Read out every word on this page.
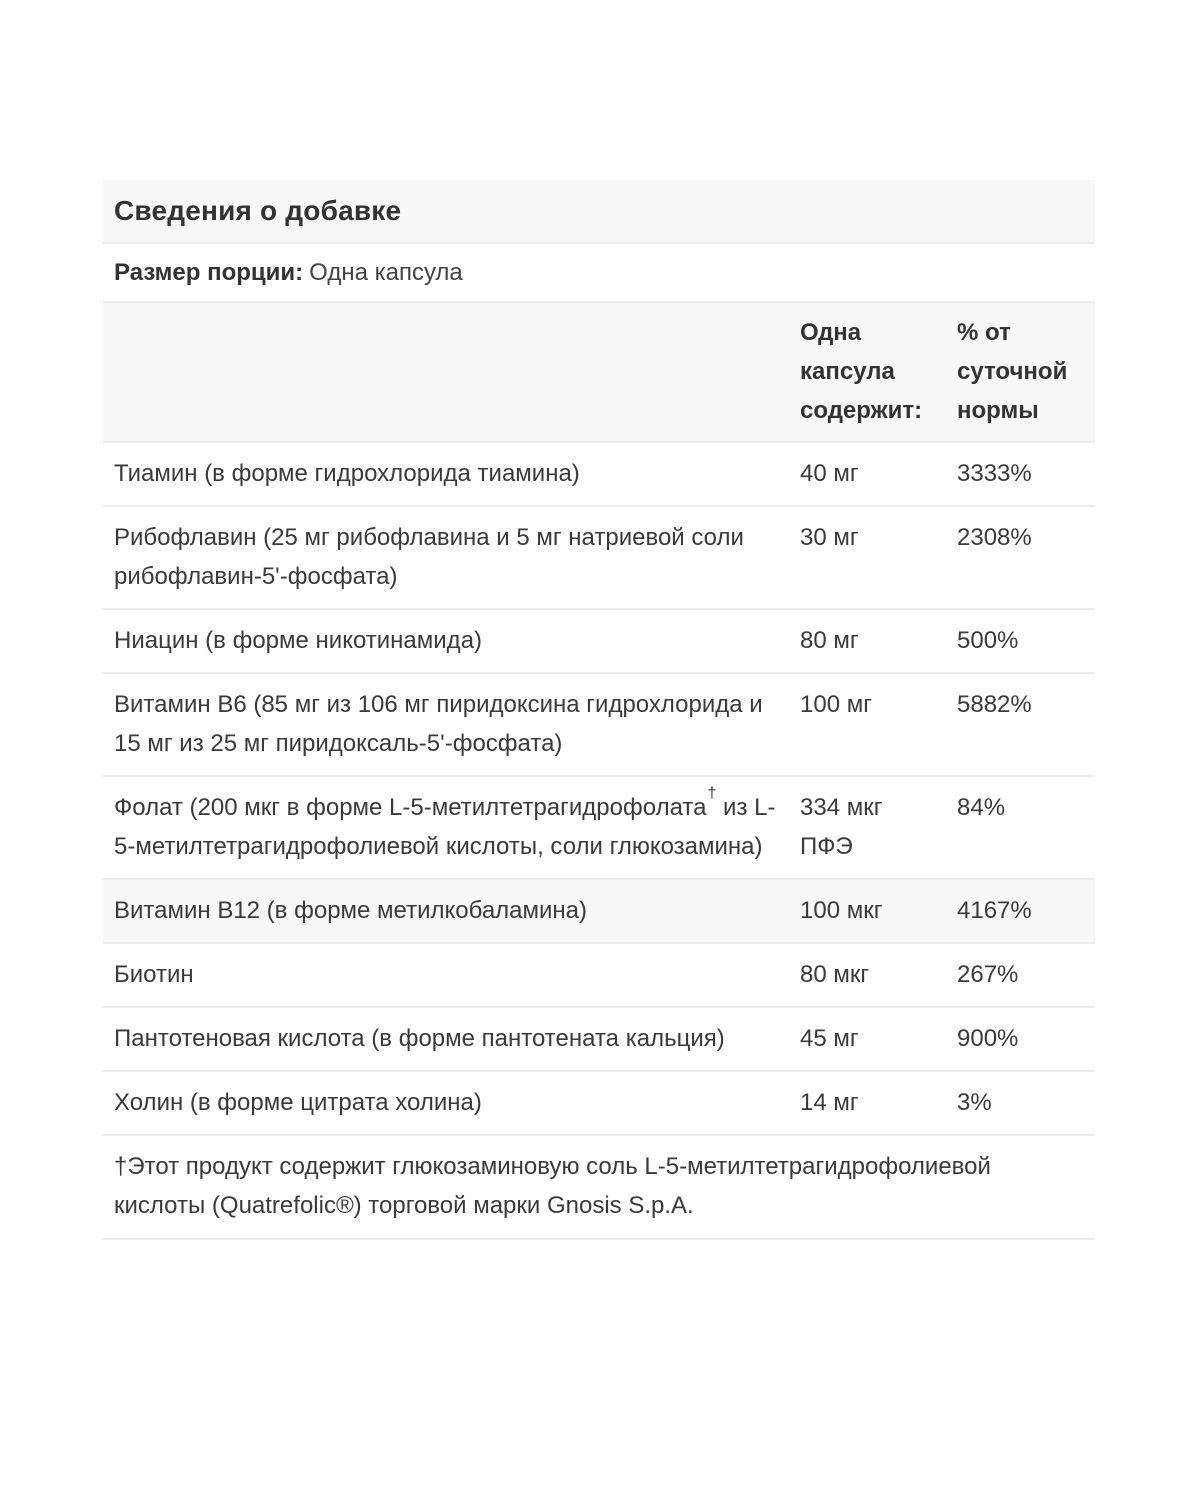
Сведения о добавке
Размер порции: Одна капсула
	Одна капсула содержит:	% от суточной нормы
Тиамин (в форме гидрохлорида тиамина)	40 мг	3333%
Рибофлавин (25 мг рибофлавина и 5 мг натриевой соли рибофлавин-5'-фосфата)	30 мг	2308%
Ниацин (в форме никотинамида)	80 мг	500%
Витамин B6 (85 мг из 106 мг пиридоксина гидрохлорида и 15 мг из 25 мг пиридоксаль-5'-фосфата)	100 мг	5882%
Фолат (200 мкг в форме L-5-метилтетрагидрофолата† из L-5-метилтетрагидрофолиевой кислоты, соли глюкозамина)	334 мкг ПФЭ	84%
Витамин B12 (в форме метилкобаламина)	100 мкг	4167%
Биотин	80 мкг	267%
Пантотеновая кислота (в форме пантотената кальция)	45 мг	900%
Холин (в форме цитрата холина)	14 мг	3%
†Этот продукт содержит глюкозаминовую соль L-5-метилтетрагидрофолиевой кислоты (Quatrefolic®) торговой марки Gnosis S.p.A.
